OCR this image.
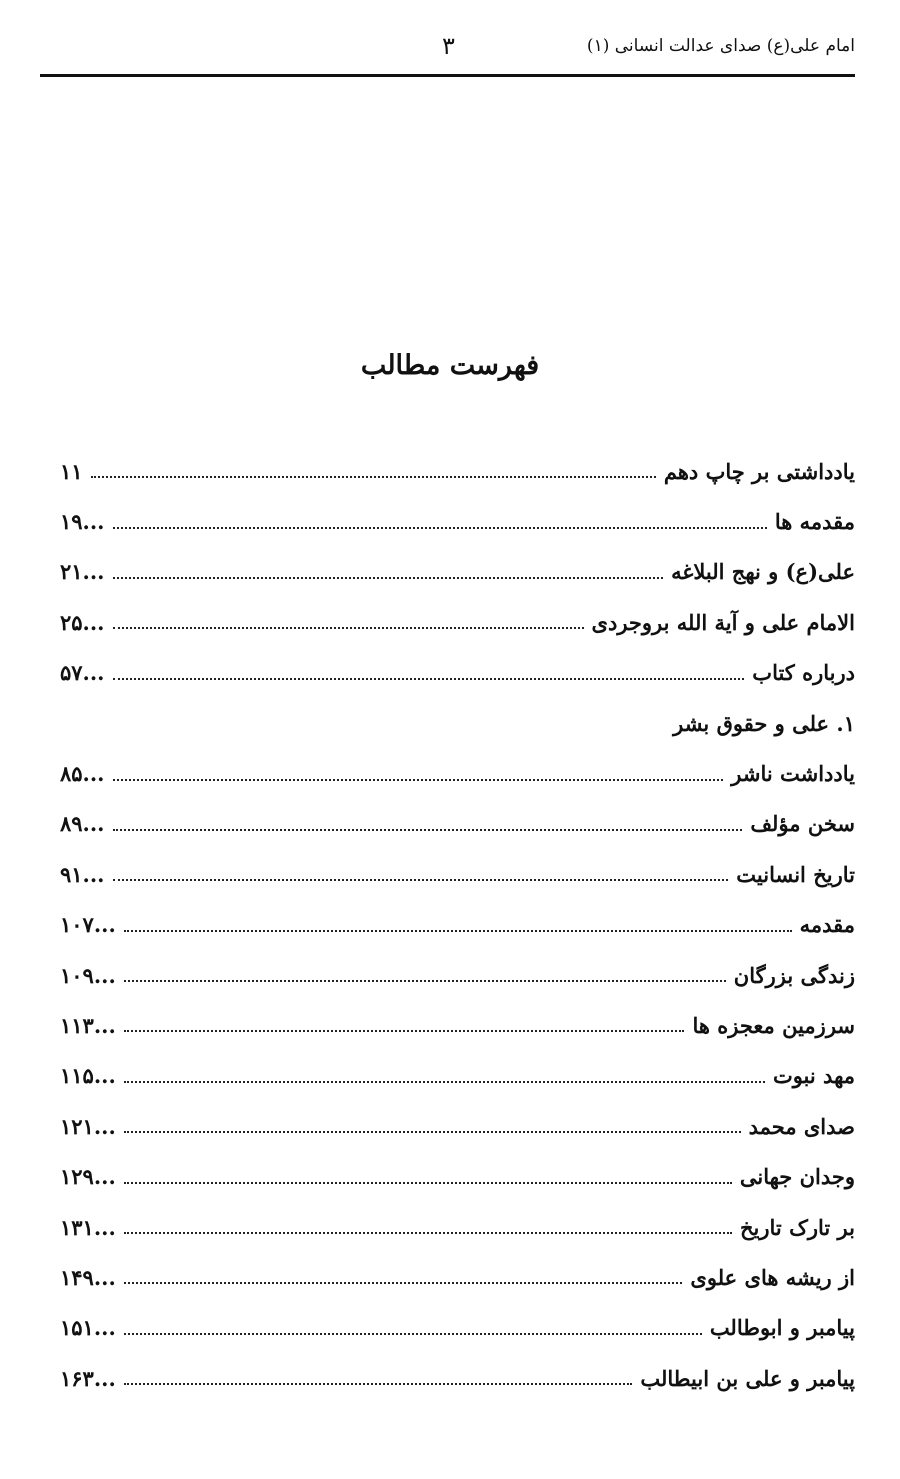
امام علی(ع) صدای عدالت انسانی (۱)
۳
فهرست مطالب
یادداشتی بر چاپ دهم
۱۱
مقدمه ها
۱۹...
علی(ع) و نهج البلاغه
۲۱...
الامام علی و آیة الله بروجردی
۲۵...
درباره کتاب
۵۷...
۱. علی و حقوق بشر
یادداشت ناشر
۸۵...
سخن مؤلف
۸۹...
تاریخ انسانیت
۹۱...
مقدمه
۱۰۷...
زندگی بزرگان
۱۰۹...
سرزمین معجزه ها
۱۱۳...
مهد نبوت
۱۱۵...
صدای محمد
۱۲۱...
وجدان جهانی
۱۲۹...
بر تارک تاریخ
۱۳۱...
از ریشه های علوی
۱۴۹...
پیامبر و ابوطالب
۱۵۱...
پیامبر و علی بن ابیطالب
۱۶۳...
